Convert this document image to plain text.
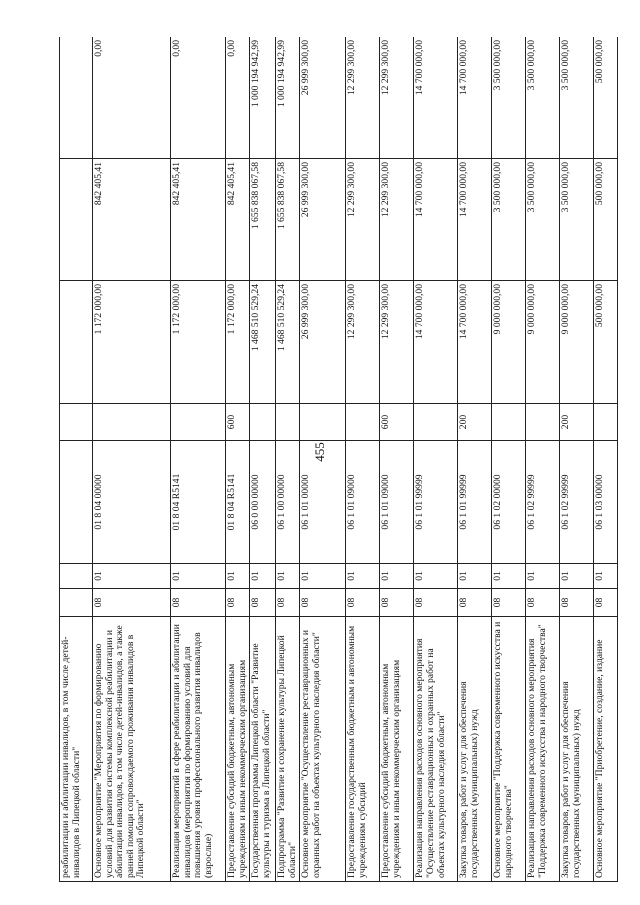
455
реабилитации и абилитации инвалидов, в том числе детей-инвалидов в Липецкой области"							
Основное мероприятие "Мероприятия по формированию условий для развития системы комплексной реабилитации и абилитации инвалидов, в том числе детей-инвалидов, а также ранней помощи сопровождаемого проживания инвалидов в Липецкой области"	08	01	01 8 04 00000		1 172 000,00	842 405,41	0,00
Реализация мероприятий в сфере реабилитации и абилитации инвалидов (мероприятия по формированию условий для повышения уровня профессионального развития инвалидов (взрослые)	08	01	01 8 04 R5141		1 172 000,00	842 405,41	0,00
Предоставление субсидий бюджетным, автономным учреждениям и иным некоммерческим организациям	08	01	01 8 04 R5141	600	1 172 000,00	842 405,41	0,00
Государственная программа Липецкой области "Развитие культуры и туризма в Липецкой области"	08	01	06 0 00 00000		1 468 510 529,24	1 655 838 067,58	1 000 194 942,99
Подпрограмма "Развитие и сохранение культуры Липецкой области"	08	01	06 1 00 00000		1 468 510 529,24	1 655 838 067,58	1 000 194 942,99
Основное мероприятие "Осуществление реставрационных и охранных работ на объектах культурного наследия области"	08	01	06 1 01 00000		26 999 300,00	26 999 300,00	26 999 300,00
Предоставление государственным бюджетным и автономным учреждениям субсидий	08	01	06 1 01 09000		12 299 300,00	12 299 300,00	12 299 300,00
Предоставление субсидий бюджетным, автономным учреждениям и иным некоммерческим организациям	08	01	06 1 01 09000	600	12 299 300,00	12 299 300,00	12 299 300,00
Реализация направления расходов основного мероприятия "Осуществление реставрационных и охранных работ на объектах культурного наследия области"	08	01	06 1 01 99999		14 700 000,00	14 700 000,00	14 700 000,00
Закупка товаров, работ и услуг для обеспечения государственных (муниципальных) нужд	08	01	06 1 01 99999	200	14 700 000,00	14 700 000,00	14 700 000,00
Основное мероприятие "Поддержка современного искусства и народного творчества"	08	01	06 1 02 00000		9 000 000,00	3 500 000,00	3 500 000,00
Реализация направления расходов основного мероприятия "Поддержка современного искусства и народного творчества"	08	01	06 1 02 99999		9 000 000,00	3 500 000,00	3 500 000,00
Закупка товаров, работ и услуг для обеспечения государственных (муниципальных) нужд	08	01	06 1 02 99999	200	9 000 000,00	3 500 000,00	3 500 000,00
Основное мероприятие "Приобретение, создание, издание	08	01	06 1 03 00000		500 000,00	500 000,00	500 000,00
